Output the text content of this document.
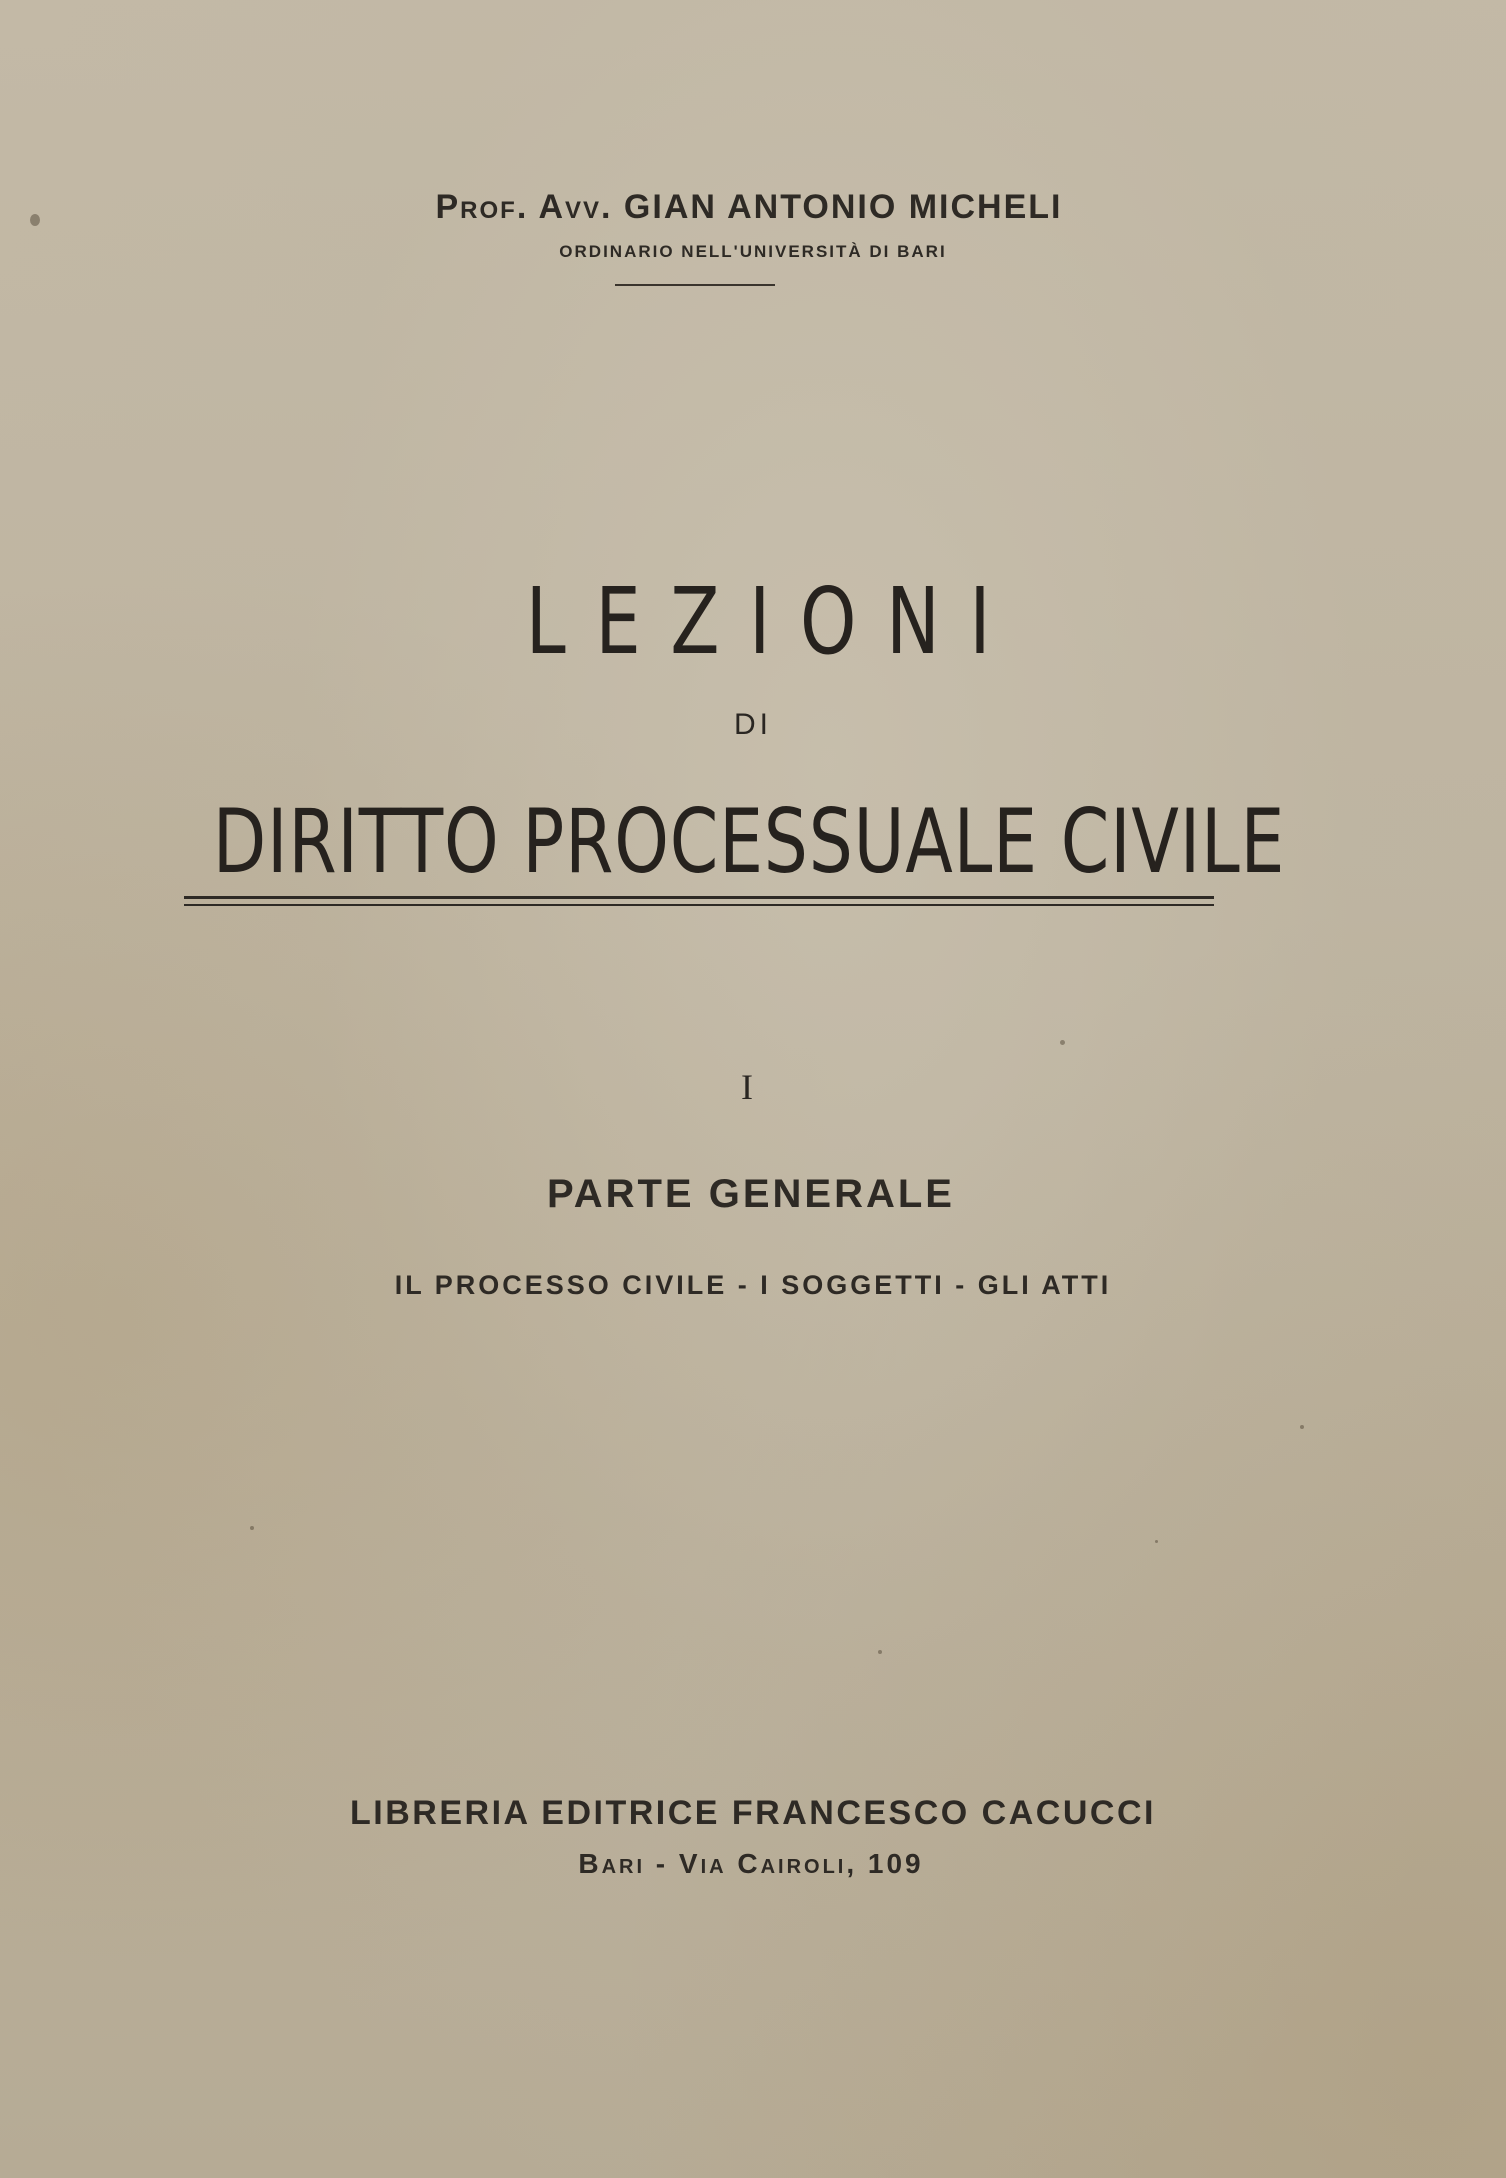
Prof. Avv. GIAN ANTONIO MICHELI

ORDINARIO NELL'UNIVERSITÀ DI BARI

LEZIONI

DI

DIRITTO PROCESSUALE CIVILE

I

PARTE GENERALE

IL PROCESSO CIVILE - I SOGGETTI - GLI ATTI

LIBRERIA EDITRICE FRANCESCO CACUCCI

Bari - Via Cairoli, 109
